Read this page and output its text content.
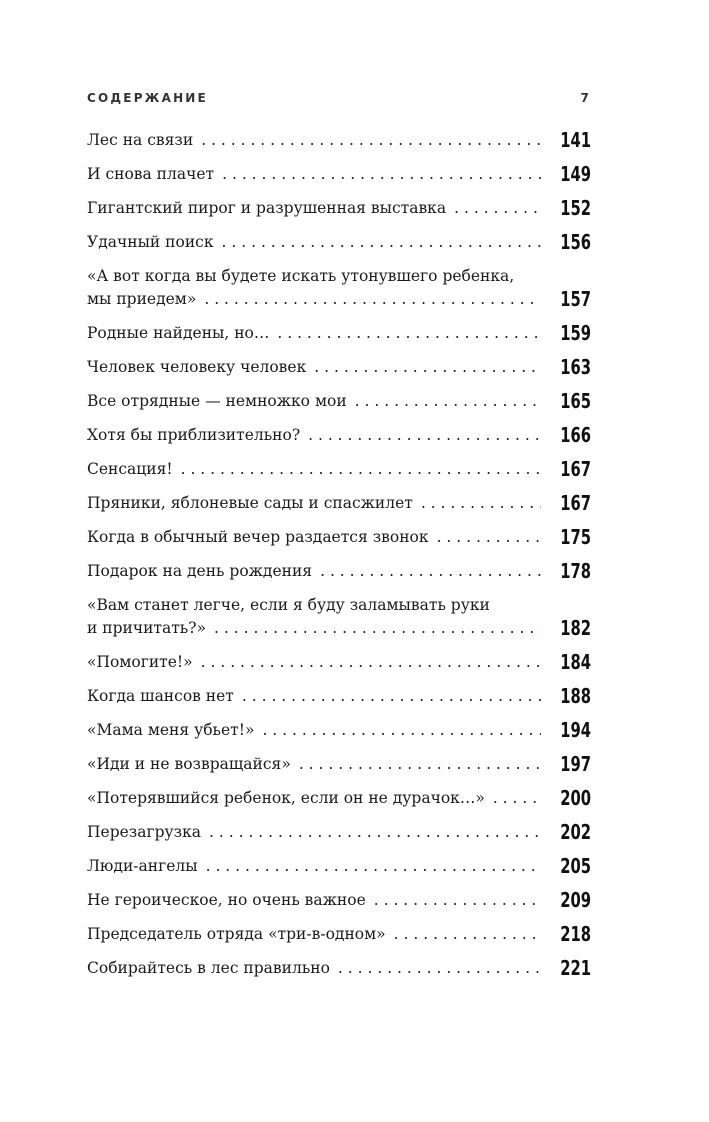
СОДЕРЖАНИЕ	7
Лес на связи . . .	141
И снова плачет . . .	149
Гигантский пирог и разрушенная выставка . . .	152
Удачный поиск . . .	156
«А вот когда вы будете искать утонувшего ребенка,
мы приедем» . . .	157
Родные найдены, но… . . .	159
Человек человеку человек . . .	163
Все отрядные — немножко мои . . .	165
Хотя бы приблизительно? . . .	166
Сенсация! . . .	167
Пряники, яблоневые сады и спасжилет . . .	167
Когда в обычный вечер раздается звонок . . .	175
Подарок на день рождения . . .	178
«Вам станет легче, если я буду заламывать руки
и причитать?» . . .	182
«Помогите!» . . .	184
Когда шансов нет . . .	188
«Мама меня убьет!» . . .	194
«Иди и не возвращайся» . . .	197
«Потерявшийся ребенок, если он не дурачок…» . . .	200
Перезагрузка . . .	202
Люди-ангелы . . .	205
Не героическое, но очень важное . . .	209
Председатель отряда «три-в-одном» . . .	218
Собирайтесь в лес правильно . . .	221
